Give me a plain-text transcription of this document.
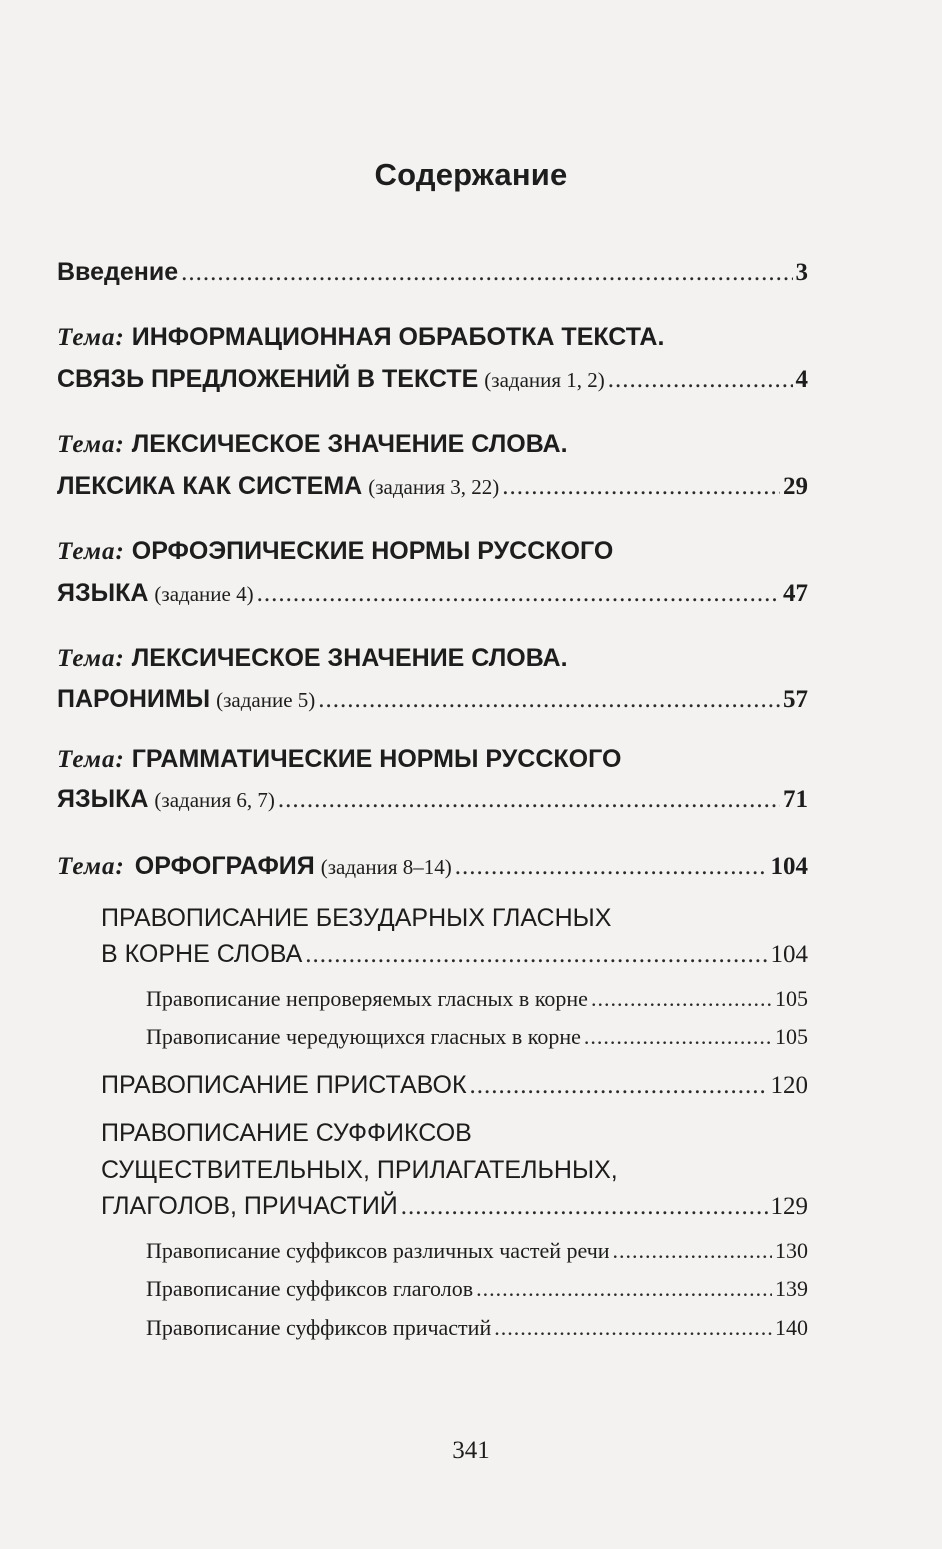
Содержание
Введение .....	3
Тема: ИНФОРМАЦИОННАЯ ОБРАБОТКА ТЕКСТА.
СВЯЗЬ ПРЕДЛОЖЕНИЙ В ТЕКСТЕ (задания 1, 2) .....	4
Тема: ЛЕКСИЧЕСКОЕ ЗНАЧЕНИЕ СЛОВА.
ЛЕКСИКА КАК СИСТЕМА (задания 3, 22) .....	29
Тема: ОРФОЭПИЧЕСКИЕ НОРМЫ РУССКОГО
ЯЗЫКА (задание 4) .....	47
Тема: ЛЕКСИЧЕСКОЕ ЗНАЧЕНИЕ СЛОВА.
ПАРОНИМЫ (задание 5) .....	57
Тема: ГРАММАТИЧЕСКИЕ НОРМЫ РУССКОГО
ЯЗЫКА (задания 6, 7) .....	71
Тема: ОРФОГРАФИЯ (задания 8–14) .....	104
ПРАВОПИСАНИЕ БЕЗУДАРНЫХ ГЛАСНЫХ
В КОРНЕ СЛОВА .....	104
Правописание непроверяемых гласных в корне .....	105
Правописание чередующихся гласных в корне .....	105
ПРАВОПИСАНИЕ ПРИСТАВОК .....	120
ПРАВОПИСАНИЕ СУФФИКСОВ
СУЩЕСТВИТЕЛЬНЫХ, ПРИЛАГАТЕЛЬНЫХ,
ГЛАГОЛОВ, ПРИЧАСТИЙ .....	129
Правописание суффиксов различных частей речи .....	130
Правописание суффиксов глаголов .....	139
Правописание суффиксов причастий .....	140
341
